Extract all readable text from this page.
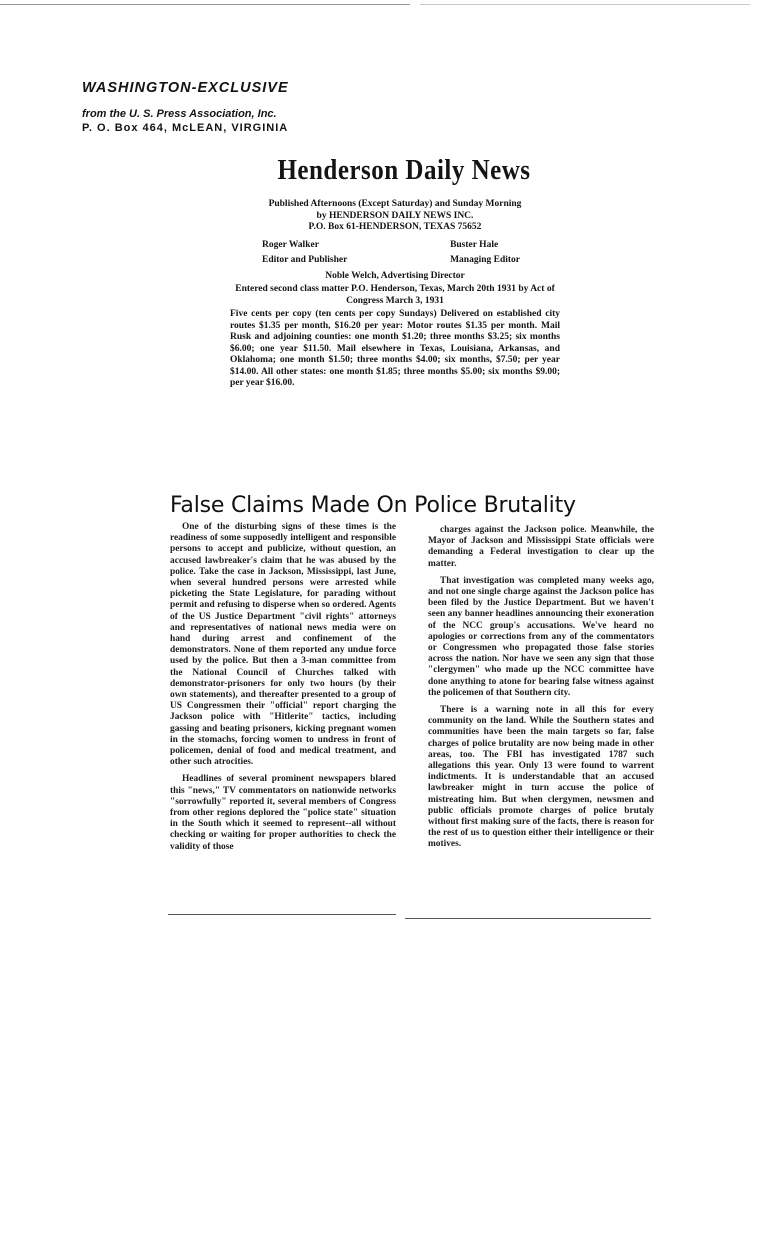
WASHINGTON-EXCLUSIVE
from the U. S. Press Association, Inc.
P. O. Box 464, McLEAN, VIRGINIA
Henderson Daily News
Published Afternoons (Except Saturday) and Sunday Morning
by HENDERSON DAILY NEWS INC.
P.O. Box 61-HENDERSON, TEXAS 75652
Roger Walker
Editor and Publisher
Buster Hale
Managing Editor
Noble Welch, Advertising Director
Entered second class matter P.O. Henderson, Texas, March 20th 1931 by Act of Congress March 3, 1931
Five cents per copy (ten cents per copy Sundays) Delivered on established city routes $1.35 per month, $16.20 per year: Motor routes $1.35 per month. Mail Rusk and adjoining counties: one month $1.20; three months $3.25; six months $6.00; one year $11.50. Mail elsewhere in Texas, Louisiana, Arkansas, and Oklahoma; one month $1.50; three months $4.00; six months, $7.50; per year $14.00. All other states: one month $1.85; three months $5.00; six months $9.00; per year $16.00.
False Claims Made On Police Brutality

One of the disturbing signs of these times is the readiness of some supposedly intelligent and responsible persons to accept and publicize, without question, an accused lawbreaker's claim that he was abused by the police. Take the case in Jackson, Mississippi, last June, when several hundred persons were arrested while picketing the State Legislature, for parading without permit and refusing to disperse when so ordered. Agents of the US Justice Department "civil rights" attorneys and representatives of national news media were on hand during arrest and confinement of the demonstrators. None of them reported any undue force used by the police. But then a 3-man committee from the National Council of Churches talked with demonstrator-prisoners for only two hours (by their own statements), and thereafter presented to a group of US Congressmen their "official" report charging the Jackson police with "Hitlerite" tactics, including gassing and beating prisoners, kicking pregnant women in the stomachs, forcing women to undress in front of policemen, denial of food and medical treatment, and other such atrocities.

Headlines of several prominent newspapers blared this "news," TV commentators on nationwide networks "sorrowfully" reported it, several members of Congress from other regions deplored the "police state" situation in the South which it seemed to represent--all without checking or waiting for proper authorities to check the validity of those

charges against the Jackson police. Meanwhile, the Mayor of Jackson and Mississippi State officials were demanding a Federal investigation to clear up the matter.

That investigation was completed many weeks ago, and not one single charge against the Jackson police has been filed by the Justice Department. But we haven't seen any banner headlines announcing their exoneration of the NCC group's accusations. We've heard no apologies or corrections from any of the commentators or Congressmen who propagated those false stories across the nation. Nor have we seen any sign that those "clergymen" who made up the NCC committee have done anything to atone for bearing false witness against the policemen of that Southern city.

There is a warning note in all this for every community on the land. While the Southern states and communities have been the main targets so far, false charges of police brutality are now being made in other areas, too. The FBI has investigated 1787 such allegations this year. Only 13 were found to warrent indictments. It is understandable that an accused lawbreaker might in turn accuse the police of mistreating him. But when clergymen, newsmen and public officials promote charges of police brutaly without first making sure of the facts, there is reason for the rest of us to question either their intelligence or their motives.
